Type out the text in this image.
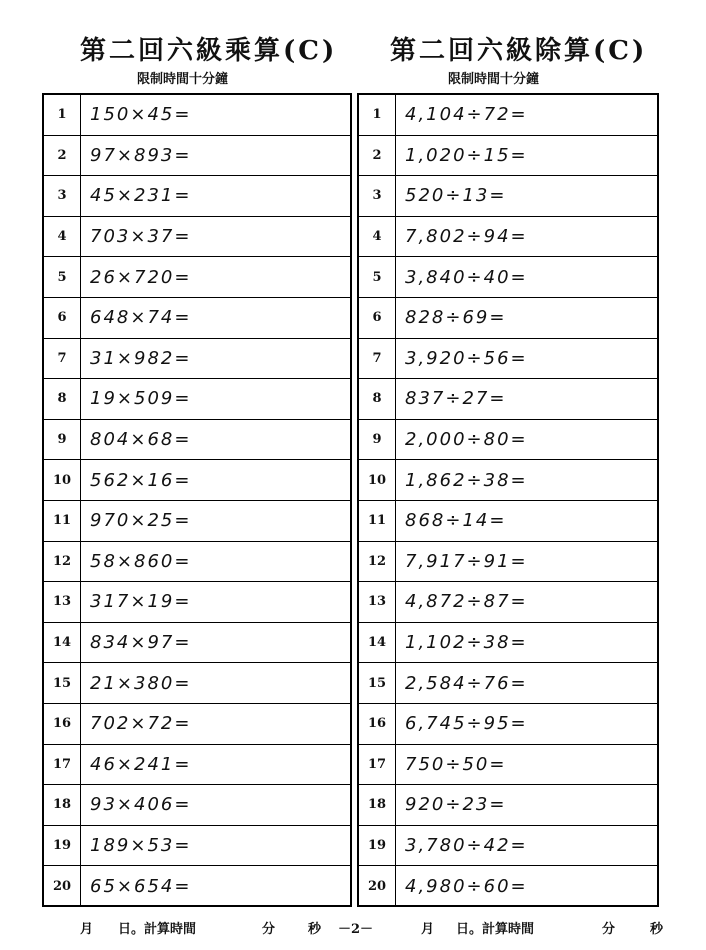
第二回六級乘算(C) 第二回六級除算(C)
限制時間十分鐘	限制時間十分鐘
1	150×45=
2	97×893=
3	45×231=
4	703×37=
5	26×720=
6	648×74=
7	31×982=
8	19×509=
9	804×68=
10	562×16=
11	970×25=
12	58×860=
13	317×19=
14	834×97=
15	21×380=
16	702×72=
17	46×241=
18	93×406=
19	189×53=
20	65×654=
1	4,104÷72=
2	1,020÷15=
3	520÷13=
4	7,802÷94=
5	3,840÷40=
6	828÷69=
7	3,920÷56=
8	837÷27=
9	2,000÷80=
10	1,862÷38=
11	868÷14=
12	7,917÷91=
13	4,872÷87=
14	1,102÷38=
15	2,584÷76=
16	6,745÷95=
17	750÷50=
18	920÷23=
19	3,780÷42=
20	4,980÷60=
月 日。計算時間	分	秒 －2－	月 日。計算時間	分	秒
